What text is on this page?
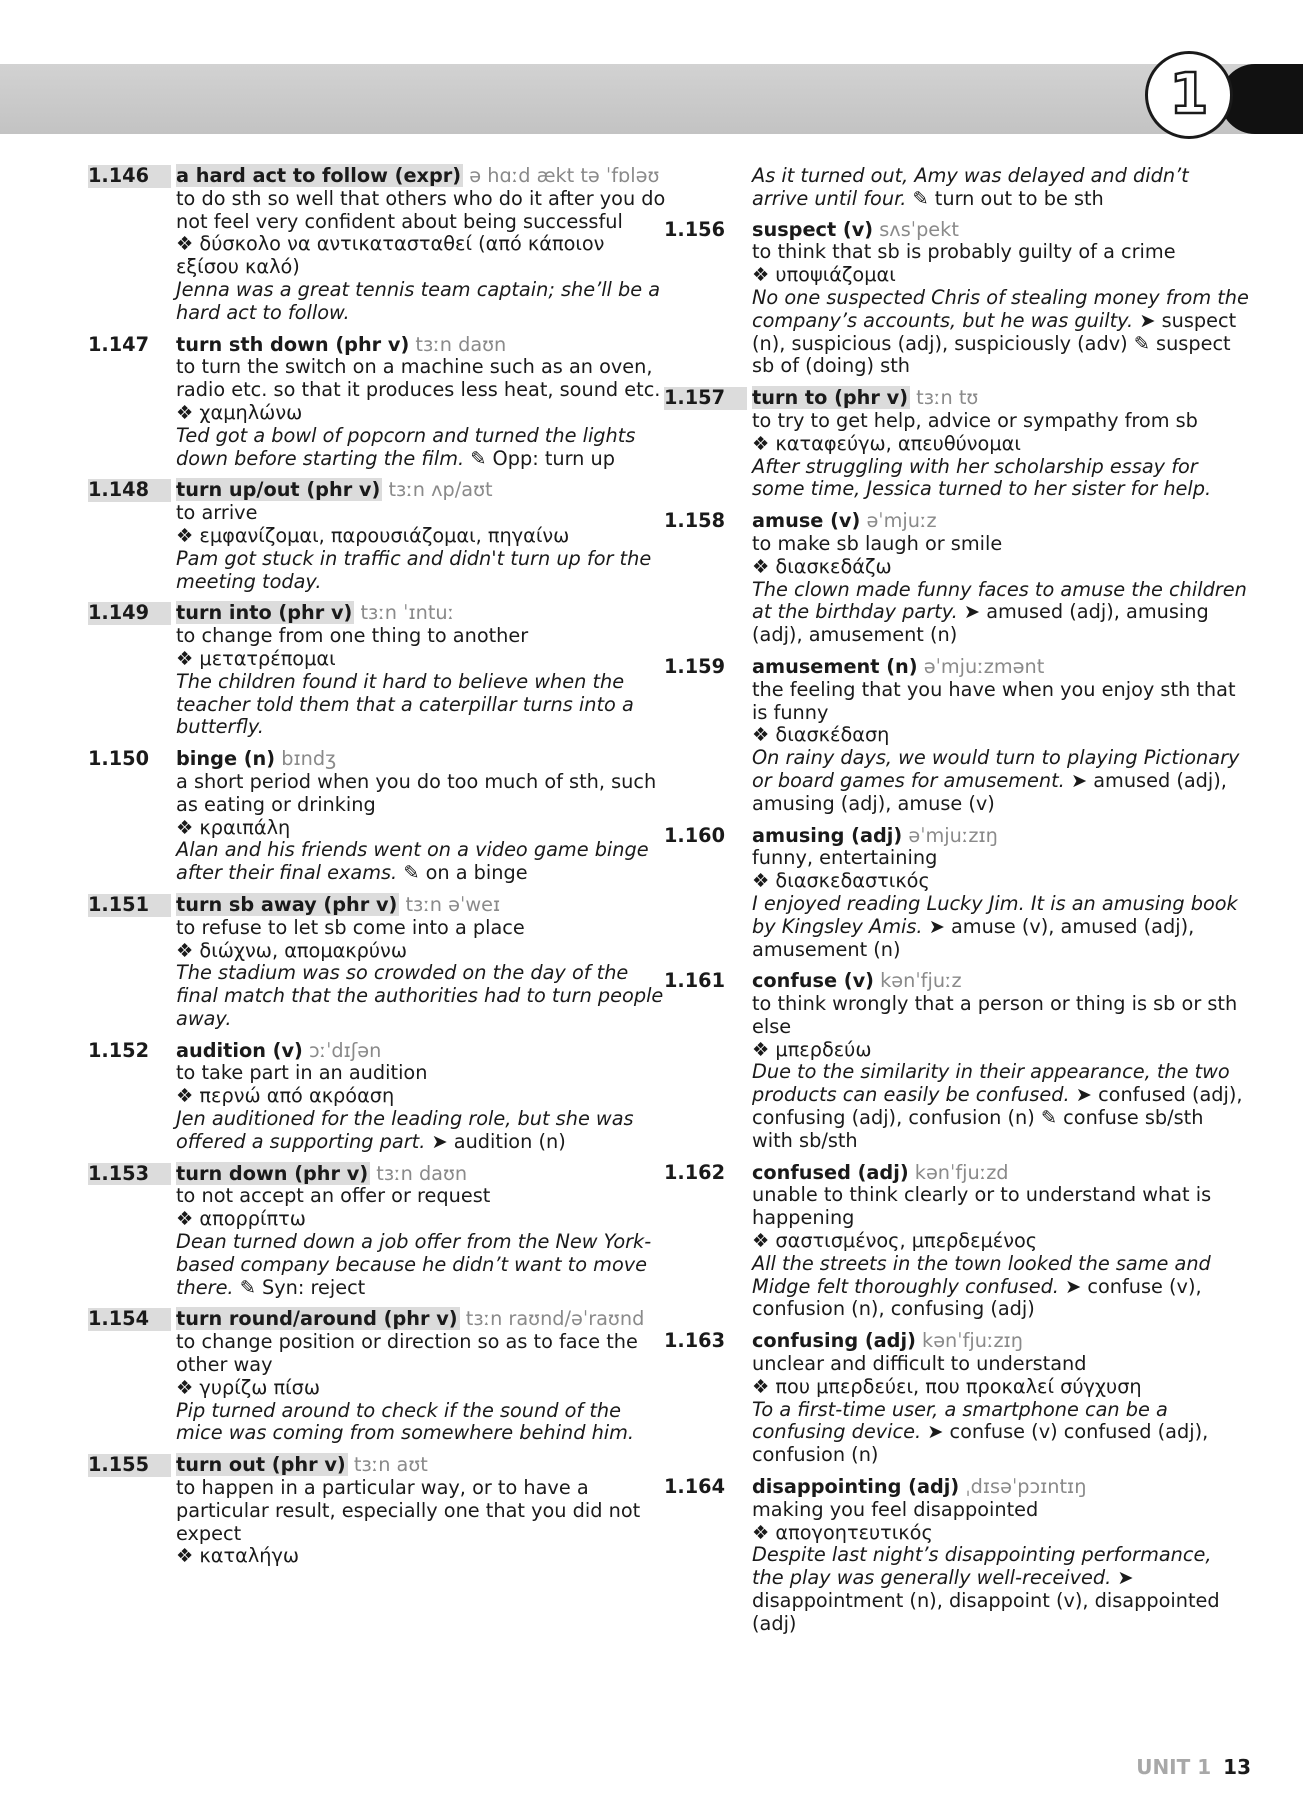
1
1.146	a hard act to follow (expr) ə hɑːd ækt tə ˈfɒləʊ
to do sth so well that others who do it after you do not feel very confident about being successful
❖ δύσκολο να αντικατασταθεί (από κάποιον εξίσου καλό)
Jenna was a great tennis team captain; she’ll be a hard act to follow.
1.147 turn sth down (phr v) tɜːn daʊn
to turn the switch on a machine such as an oven, radio etc. so that it produces less heat, sound etc.
❖ χαμηλώνω
Ted got a bowl of popcorn and turned the lights down before starting the film. ✎ Opp: turn up
1.148	turn up/out (phr v) tɜːn ʌp/aʊt
to arrive
❖ εμφανίζομαι, παρουσιάζομαι, πηγαίνω
Pam got stuck in traffic and didn't turn up for the meeting today.
1.149	turn into (phr v) tɜːn ˈɪntuː
to change from one thing to another
❖ μετατρέπομαι
The children found it hard to believe when the teacher told them that a caterpillar turns into a butterfly.
1.150 binge (n) bɪndʒ
a short period when you do too much of sth, such as eating or drinking
❖ κραιπάλη
Alan and his friends went on a video game binge after their final exams. ✎ on a binge
1.151	turn sb away (phr v) tɜːn əˈweɪ
to refuse to let sb come into a place
❖ διώχνω, απομακρύνω
The stadium was so crowded on the day of the final match that the authorities had to turn people away.
1.152 audition (v) ɔːˈdɪʃən
to take part in an audition
❖ περνώ από ακρόαση
Jen auditioned for the leading role, but she was offered a supporting part. ➤ audition (n)
1.153	turn down (phr v) tɜːn daʊn
to not accept an offer or request
❖ απορρίπτω
Dean turned down a job offer from the New York-based company because he didn’t want to move there. ✎ Syn: reject
1.154	turn round/around (phr v) tɜːn raʊnd/əˈraʊnd
to change position or direction so as to face the other way
❖ γυρίζω πίσω
Pip turned around to check if the sound of the mice was coming from somewhere behind him.
1.155	turn out (phr v) tɜːn aʊt
to happen in a particular way, or to have a particular result, especially one that you did not expect
❖ καταλήγω
As it turned out, Amy was delayed and didn’t arrive until four. ✎ turn out to be sth
1.156 suspect (v) sʌsˈpekt
to think that sb is probably guilty of a crime
❖ υποψιάζομαι
No one suspected Chris of stealing money from the company’s accounts, but he was guilty. ➤ suspect (n), suspicious (adj), suspiciously (adv) ✎ suspect sb of (doing) sth
1.157	turn to (phr v) tɜːn tʊ
to try to get help, advice or sympathy from sb
❖ καταφεύγω, απευθύνομαι
After struggling with her scholarship essay for some time, Jessica turned to her sister for help.
1.158 amuse (v) əˈmjuːz
to make sb laugh or smile
❖ διασκεδάζω
The clown made funny faces to amuse the children at the birthday party. ➤ amused (adj), amusing (adj), amusement (n)
1.159 amusement (n) əˈmjuːzmənt
the feeling that you have when you enjoy sth that is funny
❖ διασκέδαση
On rainy days, we would turn to playing Pictionary or board games for amusement. ➤ amused (adj), amusing (adj), amuse (v)
1.160 amusing (adj) əˈmjuːzɪŋ
funny, entertaining
❖ διασκεδαστικός
I enjoyed reading Lucky Jim. It is an amusing book by Kingsley Amis. ➤ amuse (v), amused (adj), amusement (n)
1.161 confuse (v) kənˈfjuːz
to think wrongly that a person or thing is sb or sth else
❖ μπερδεύω
Due to the similarity in their appearance, the two products can easily be confused. ➤ confused (adj), confusing (adj), confusion (n) ✎ confuse sb/sth with sb/sth
1.162 confused (adj) kənˈfjuːzd
unable to think clearly or to understand what is happening
❖ σαστισμένος, μπερδεμένος
All the streets in the town looked the same and Midge felt thoroughly confused. ➤ confuse (v), confusion (n), confusing (adj)
1.163 confusing (adj) kənˈfjuːzɪŋ
unclear and difficult to understand
❖ που μπερδεύει, που προκαλεί σύγχυση
To a first-time user, a smartphone can be a confusing device. ➤ confuse (v) confused (adj), confusion (n)
1.164 disappointing (adj) ˌdɪsəˈpɔɪntɪŋ
making you feel disappointed
❖ απογοητευτικός
Despite last night’s disappointing performance, the play was generally well-received. ➤ disappointment (n), disappoint (v), disappointed (adj)
UNIT 1 13
